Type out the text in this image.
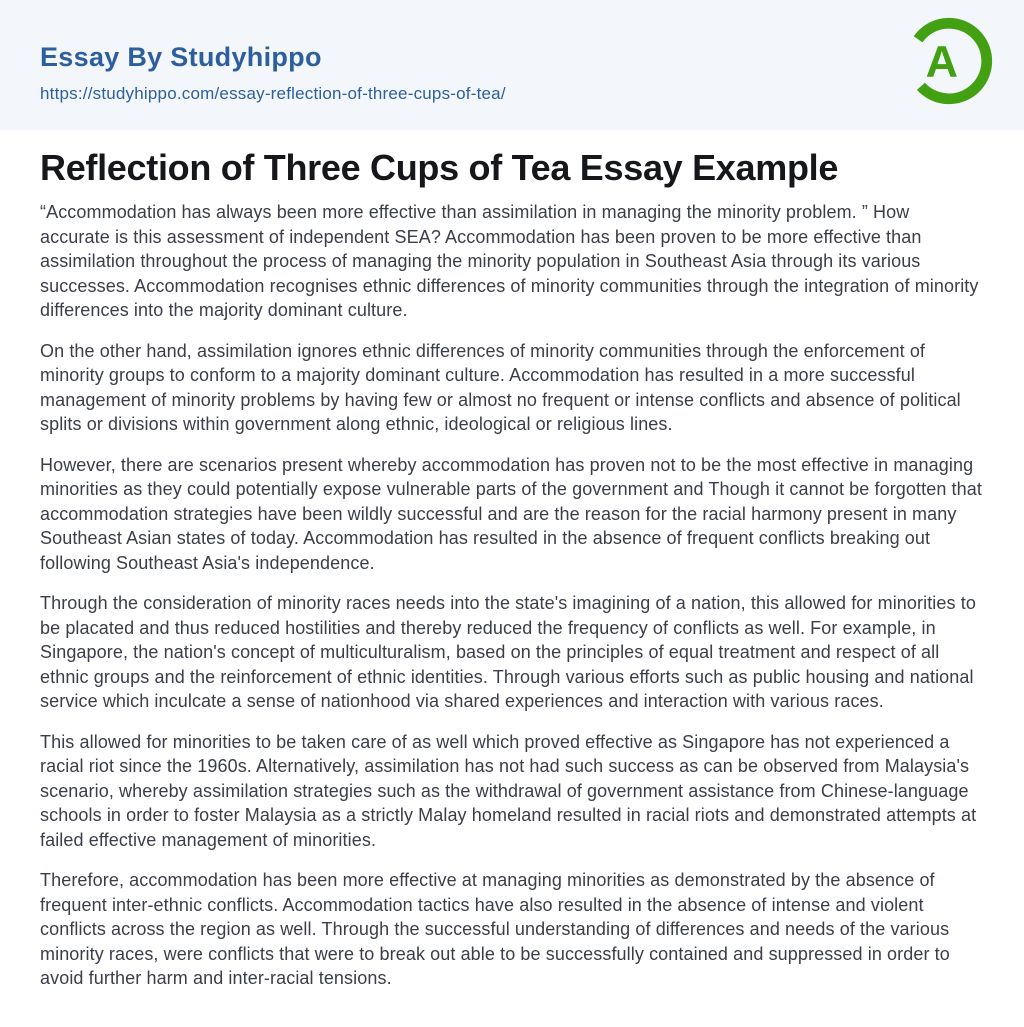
Essay By Studyhippo
https://studyhippo.com/essay-reflection-of-three-cups-of-tea/
A
Reflection of Three Cups of Tea Essay Example

“Accommodation has always been more effective than assimilation in managing the minority problem. ” How accurate is this assessment of independent SEA? Accommodation has been proven to be more effective than assimilation throughout the process of managing the minority population in Southeast Asia through its various successes. Accommodation recognises ethnic differences of minority communities through the integration of minority differences into the majority dominant culture.

On the other hand, assimilation ignores ethnic differences of minority communities through the enforcement of minority groups to conform to a majority dominant culture. Accommodation has resulted in a more successful management of minority problems by having few or almost no frequent or intense conflicts and absence of political splits or divisions within government along ethnic, ideological or religious lines.

However, there are scenarios present whereby accommodation has proven not to be the most effective in managing minorities as they could potentially expose vulnerable parts of the government and Though it cannot be forgotten that accommodation strategies have been wildly successful and are the reason for the racial harmony present in many Southeast Asian states of today. Accommodation has resulted in the absence of frequent conflicts breaking out following Southeast Asia's independence.

Through the consideration of minority races needs into the state's imagining of a nation, this allowed for minorities to be placated and thus reduced hostilities and thereby reduced the frequency of conflicts as well. For example, in Singapore, the nation's concept of multiculturalism, based on the principles of equal treatment and respect of all ethnic groups and the reinforcement of ethnic identities. Through various efforts such as public housing and national service which inculcate a sense of nationhood via shared experiences and interaction with various races.

This allowed for minorities to be taken care of as well which proved effective as Singapore has not experienced a racial riot since the 1960s. Alternatively, assimilation has not had such success as can be observed from Malaysia's scenario, whereby assimilation strategies such as the withdrawal of government assistance from Chinese-language schools in order to foster Malaysia as a strictly Malay homeland resulted in racial riots and demonstrated attempts at failed effective management of minorities.

Therefore, accommodation has been more effective at managing minorities as demonstrated by the absence of frequent inter-ethnic conflicts. Accommodation tactics have also resulted in the absence of intense and violent conflicts across the region as well. Through the successful understanding of differences and needs of the various minority races, were conflicts that were to break out able to be successfully contained and suppressed in order to avoid further harm and inter-racial tensions.
